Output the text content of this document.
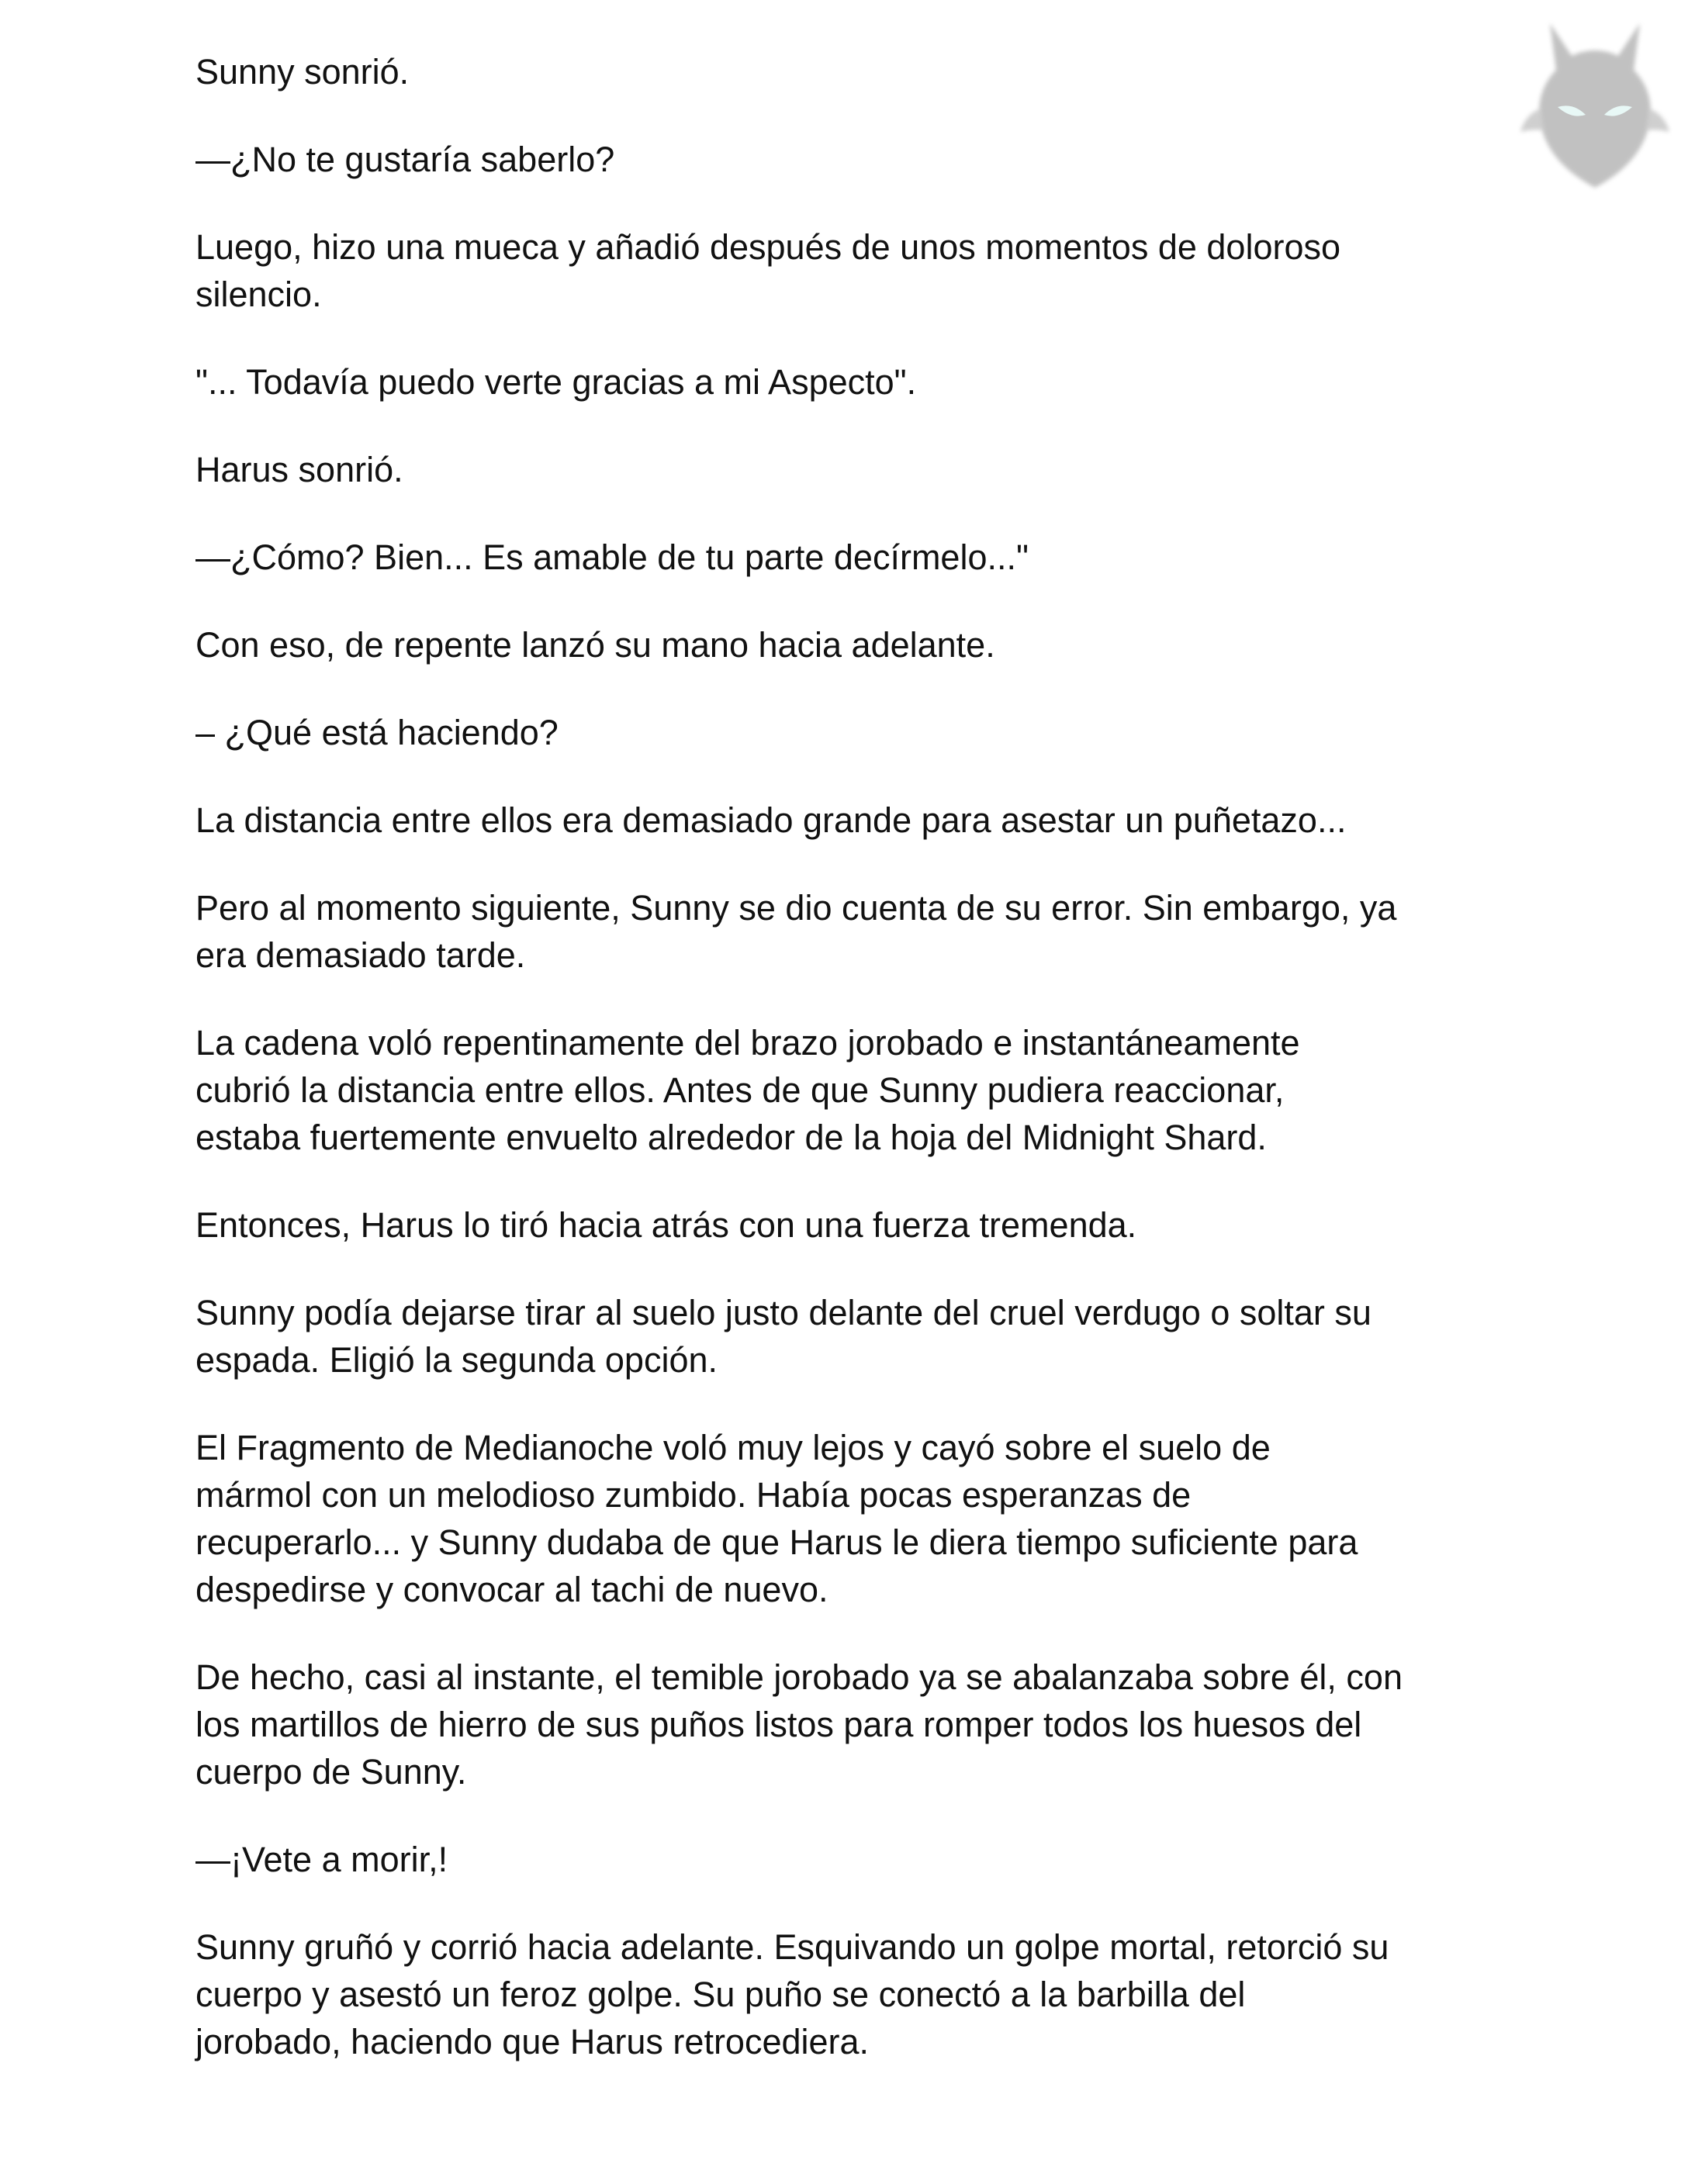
Sunny sonrió.

—¿No te gustaría saberlo?

Luego, hizo una mueca y añadió después de unos momentos de doloroso
silencio.

"... Todavía puedo verte gracias a mi Aspecto".

Harus sonrió.

—¿Cómo? Bien... Es amable de tu parte decírmelo..."

Con eso, de repente lanzó su mano hacia adelante.

– ¿Qué está haciendo?

La distancia entre ellos era demasiado grande para asestar un puñetazo...

Pero al momento siguiente, Sunny se dio cuenta de su error. Sin embargo, ya
era demasiado tarde.

La cadena voló repentinamente del brazo jorobado e instantáneamente
cubrió la distancia entre ellos. Antes de que Sunny pudiera reaccionar,
estaba fuertemente envuelto alrededor de la hoja del Midnight Shard.

Entonces, Harus lo tiró hacia atrás con una fuerza tremenda.

Sunny podía dejarse tirar al suelo justo delante del cruel verdugo o soltar su
espada. Eligió la segunda opción.

El Fragmento de Medianoche voló muy lejos y cayó sobre el suelo de
mármol con un melodioso zumbido. Había pocas esperanzas de
recuperarlo... y Sunny dudaba de que Harus le diera tiempo suficiente para
despedirse y convocar al tachi de nuevo.

De hecho, casi al instante, el temible jorobado ya se abalanzaba sobre él, con
los martillos de hierro de sus puños listos para romper todos los huesos del
cuerpo de Sunny.

—¡Vete a morir,!

Sunny gruñó y corrió hacia adelante. Esquivando un golpe mortal, retorció su
cuerpo y asestó un feroz golpe. Su puño se conectó a la barbilla del
jorobado, haciendo que Harus retrocediera.
